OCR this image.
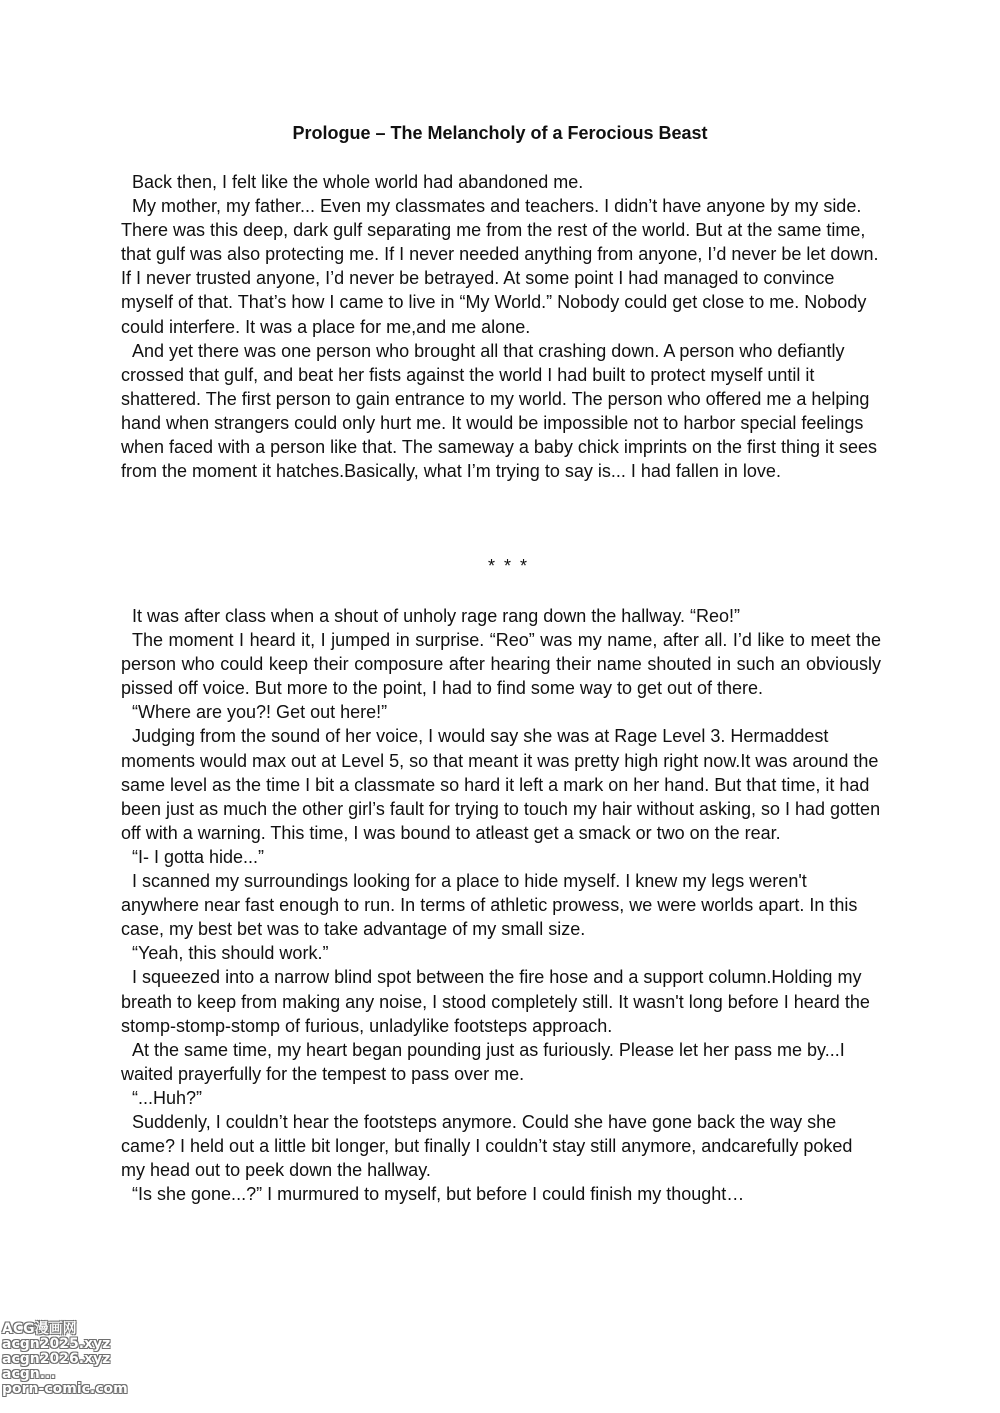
Prologue – The Melancholy of a Ferocious Beast

Back then, I felt like the whole world had abandoned me.

My mother, my father... Even my classmates and teachers. I didn’t have anyone by my side. There was this deep, dark gulf separating me from the rest of the world. But at the same time, that gulf was also protecting me. If I never needed anything from anyone, I’d never be let down. If I never trusted anyone, I’d never be betrayed. At some point I had managed to convince myself of that. That’s how I came to live in “My World.” Nobody could get close to me. Nobody could interfere. It was a place for me,and me alone.

And yet there was one person who brought all that crashing down. A person who defiantly crossed that gulf, and beat her fists against the world I had built to protect myself until it shattered. The first person to gain entrance to my world. The person who offered me a helping hand when strangers could only hurt me. It would be impossible not to harbor special feelings when faced with a person like that. The sameway a baby chick imprints on the first thing it sees from the moment it hatches.Basically, what I’m trying to say is... I had fallen in love.

* * *

It was after class when a shout of unholy rage rang down the hallway. “Reo!”

The moment I heard it, I jumped in surprise. “Reo” was my name, after all. I’d like to meet the person who could keep their composure after hearing their name shouted in such an obviously pissed off voice. But more to the point, I had to find some way to get out of there.

“Where are you?! Get out here!”

Judging from the sound of her voice, I would say she was at Rage Level 3. Hermaddest moments would max out at Level 5, so that meant it was pretty high right now.It was around the same level as the time I bit a classmate so hard it left a mark on her hand. But that time, it had been just as much the other girl’s fault for trying to touch my hair without asking, so I had gotten off with a warning. This time, I was bound to atleast get a smack or two on the rear.

“I- I gotta hide...”

I scanned my surroundings looking for a place to hide myself. I knew my legs weren't anywhere near fast enough to run. In terms of athletic prowess, we were worlds apart. In this case, my best bet was to take advantage of my small size.

“Yeah, this should work.”

I squeezed into a narrow blind spot between the fire hose and a support column.Holding my breath to keep from making any noise, I stood completely still. It wasn't long before I heard the stomp-stomp-stomp of furious, unladylike footsteps approach.

At the same time, my heart began pounding just as furiously. Please let her pass me by...I waited prayerfully for the tempest to pass over me.

“...Huh?”

Suddenly, I couldn’t hear the footsteps anymore. Could she have gone back the way she came? I held out a little bit longer, but finally I couldn’t stay still anymore, andcarefully poked my head out to peek down the hallway.

“Is she gone...?” I murmured to myself, but before I could finish my thought…

ACG漫画网
acgn2025.xyz
acgn2026.xyz
acgn...
porn-comic.com
